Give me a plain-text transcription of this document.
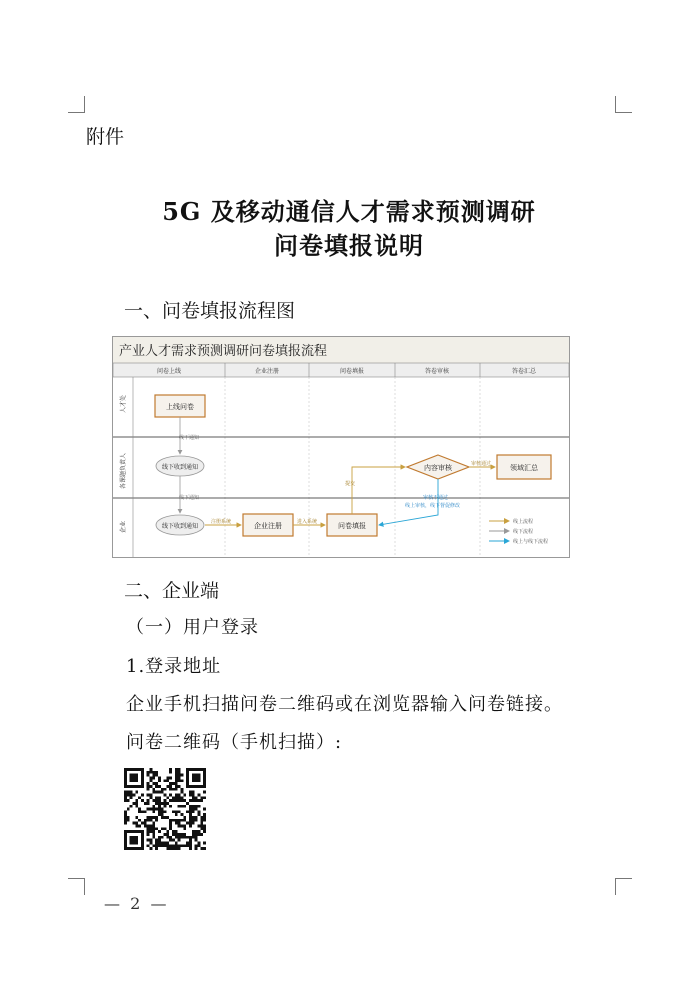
附件
5G 及移动通信人才需求预测调研
问卷填报说明
一、问卷填报流程图
产业人才需求预测调研问卷填报流程
问卷上线	企业注册	问卷填报	答卷审核	答卷汇总
人才处
各课题负责人
企业
上线问卷
线下收到通知	内容审核	领域汇总
线下收到通知	企业注册	问卷填报
线下通知
线下通知
注册系统	进入系统
提交
审核通过
审核不通过
线上审核，线下督促修改
线上流程
线下流程
线上与线下流程
二、企业端
（一）用户登录
1.登录地址
企业手机扫描问卷二维码或在浏览器输入问卷链接。
问卷二维码（手机扫描）:
—  2  —
